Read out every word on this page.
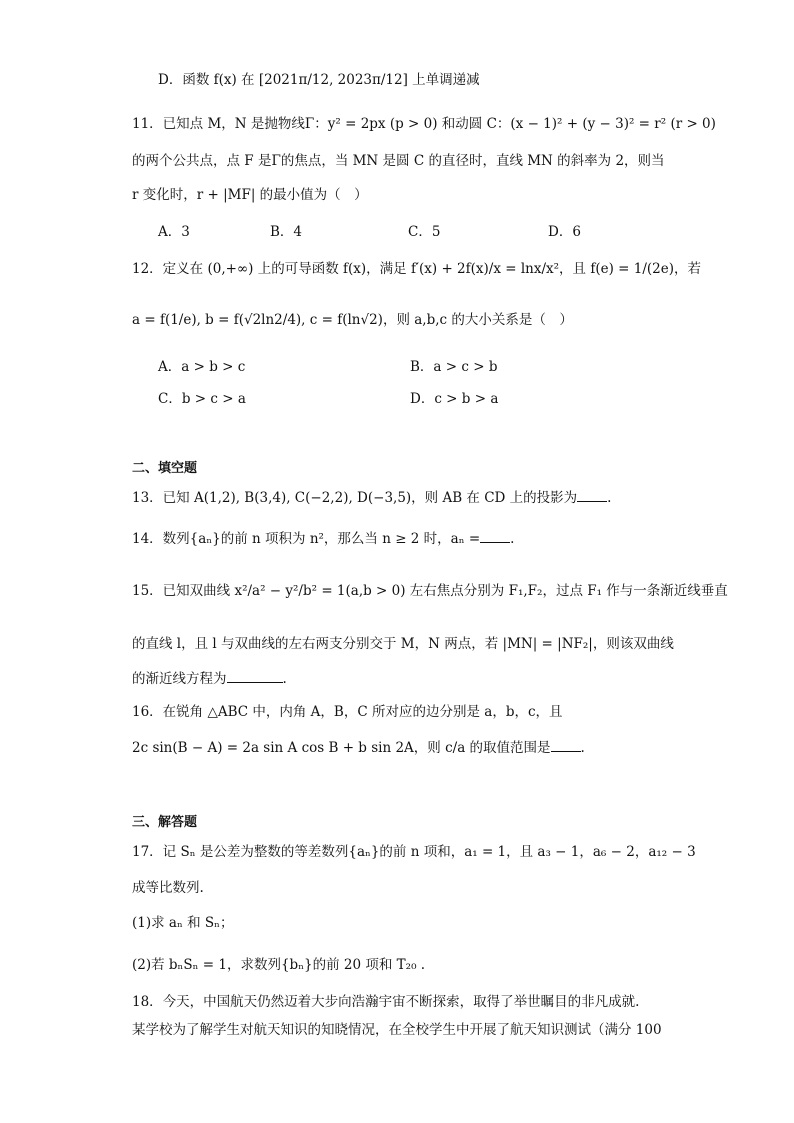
D．函数 f(x) 在 [2021π/12, 2023π/12] 上单调递减
11．已知点 M，N 是抛物线Γ：y² = 2px (p > 0) 和动圆 C：(x − 1)² + (y − 3)² = r² (r > 0)
的两个公共点，点 F 是Γ的焦点，当 MN 是圆 C 的直径时，直线 MN 的斜率为 2，则当
r 变化时，r + |MF| 的最小值为（　）
A．3	B．4	C．5	D．6
12．定义在 (0,+∞) 上的可导函数 f(x)，满足 f′(x) + 2f(x)/x = lnx/x²，且 f(e) = 1/(2e)，若
a = f(1/e), b = f(√2ln2/4), c = f(ln√2)，则 a,b,c 的大小关系是（　）
A．a > b > c	B．a > c > b
C．b > c > a	D．c > b > a
二、填空题
13．已知 A(1,2), B(3,4), C(−2,2), D(−3,5)，则 AB 在 CD 上的投影为 .
14．数列{aₙ}的前 n 项积为 n²，那么当 n ≥ 2 时，aₙ = .
15．已知双曲线 x²/a² − y²/b² = 1(a,b > 0) 左右焦点分别为 F₁,F₂，过点 F₁ 作与一条渐近线垂直
的直线 l，且 l 与双曲线的左右两支分别交于 M，N 两点，若 |MN| = |NF₂|，则该双曲线
的渐近线方程为	.
16．在锐角 △ABC 中，内角 A，B，C 所对应的边分别是 a，b，c，且
2c sin(B − A) = 2a sin A cos B + b sin 2A，则 c/a 的取值范围是 .
三、解答题
17．记 Sₙ 是公差为整数的等差数列{aₙ}的前 n 项和，a₁ = 1，且 a₃ − 1，a₆ − 2，a₁₂ − 3
成等比数列.
(1)求 aₙ 和 Sₙ；
(2)若 bₙSₙ = 1，求数列{bₙ}的前 20 项和 T₂₀ .
18．今天，中国航天仍然迈着大步向浩瀚宇宙不断探索，取得了举世瞩目的非凡成就.
某学校为了解学生对航天知识的知晓情况，在全校学生中开展了航天知识测试（满分 100
